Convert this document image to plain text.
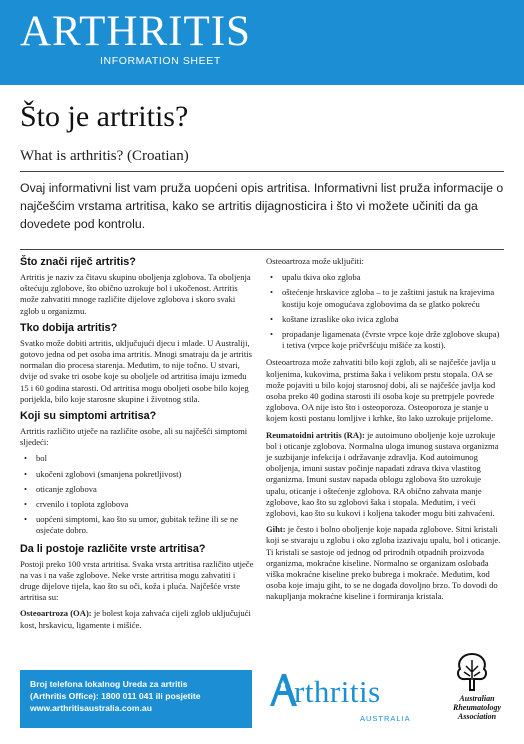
ARTHRITIS
INFORMATION SHEET
Što je artritis?
What is arthritis? (Croatian)

Ovaj informativni list vam pruža uopćeni opis artritisa. Informativni list pruža informacije o najčešćim vrstama artritisa, kako se artritis dijagnosticira i što vi možete učiniti da ga dovedete pod kontrolu.

Što znači riječ artritis?

Artritis je naziv za čitavu skupinu oboljenja zglobova. Ta oboljenja oštećuju zglobove, što obično uzrokuje bol i ukočenost. Artritis može zahvatiti mnoge različite dijelove zglobova i skoro svaki zglob u organizmu.

Tko dobija artritis?

Svatko može dobiti artritis, uključujući djecu i mlade. U Australiji, gotovo jedna od pet osoba ima artritis. Mnogi smatraju da je artritis normalan dio procesa starenja. Međutim, to nije točno. U stvari, dvije od svake tri osobe koje su oboljele od artritisa imaju između 15 i 60 godina starosti. Od artritisa mogu oboljeti osobe bilo kojeg porijekla, bilo koje starosne skupine i životnog stila.

Koji su simptomi artritisa?

Artritis različito utječe na različite osobe, ali su najčešći simptomi sljedeći:

• bol
• ukočeni zglobovi (smanjena pokretljivost)
• oticanje zglobova
• crvenilo i toplota zglobova
• uopćeni simptomi, kao što su umor, gubitak težine ili se ne osjećate dobro.
Da li postoje različite vrste artritisa?

Postoji preko 100 vrsta artritisa. Svaka vrsta artritisa različito utječe na vas i na vaše zglobove. Neke vrste artritisa mogu zahvatiti i druge dijelove tijela, kao što su oči, koža i pluća. Najčešće vrste artritisa su:

Osteoartroza (OA): je bolest koja zahvaća cijeli zglob uključujući kost, hrskavicu, ligamente i mišiće.

Osteoartroza može uključiti:

• upalu tkiva oko zgloba
• oštećenje hrskavice zgloba – to je zaštitni jastuk na krajevima kostiju koje omogućava zglobovima da se glatko pokreću
• koštane izraslike oko ivica zgloba
• propadanje ligamenata (čvrste vrpce koje drže zglobove skupa) i tetiva (vrpce koje pričvršćuju mišiće za kosti).

Osteoartroza može zahvatiti bilo koji zglob, ali se najčešće javlja u koljenima, kukovima, prstima šaka i velikom prstu stopala. OA se može pojaviti u bilo kojoj starosnoj dobi, ali se najčešće javlja kod osoba preko 40 godina starosti ili osoba koje su pretrpjele povrede zglobova. OA nije isto što i osteoporoza. Osteoporoza je stanje u kojem kosti postanu lomljive i krhke, što lako uzrokuje prijelome.

Reumatoidni artritis (RA): je autoimuno oboljenje koje uzrokuje bol i oticanje zglobova. Normalna uloga imunog sustava organizma je suzbijanje infekcija i održavanje zdravlja. Kod autoimunog oboljenja, imuni sustav počinje napadati zdrava tkiva vlastitog organizma. Imuni sustav napada oblogu zglobova što uzrokuje upalu, oticanje i oštećenje zglobova. RA obično zahvata manje zglobove, kao što su zglobovi šaka i stopala. Međutim, i veći zglobovi, kao što su kukovi i koljena također mogu biti zahvaćeni.

Giht: je često i bolno oboljenje koje napada zglobove. Sitni kristali koji se stvaraju u zglobu i oko zgloba izazivaju upalu, bol i oticanje. Ti kristali se sastoje od jednog od prirodnih otpadnih proizvoda organizma, mokraćne kiseline. Normalno se organizam oslobađa viška mokraćne kiseline preko bubrega i mokraće. Međutim, kod osoba koje imaju giht, to se ne događa dovoljno brzo. To dovodi do nakupljanja mokraćne kiseline i formiranja kristala.

Broj telefona lokalnog Ureda za artritis
(Arthritis Office): 1800 011 041 ili posjetite
www.arthritisaustralia.com.au	rthritis
AUSTRALIA
Australian
Rheumatology
Association
